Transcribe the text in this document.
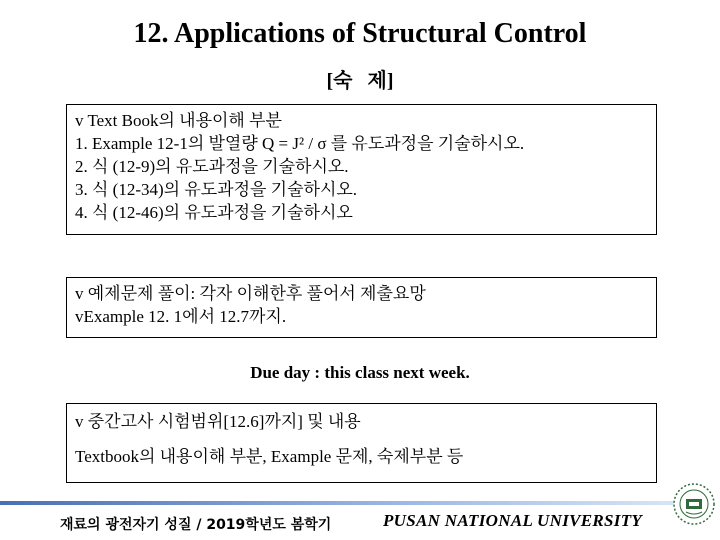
12. Applications of Structural Control
[숙   제]
v Text Book의 내용이해 부분
1. Example 12-1의 발열량 Q = J² / σ 를 유도과정을 기술하시오.
2. 식 (12-9)의 유도과정을 기술하시오.
3. 식 (12-34)의 유도과정을 기술하시오.
4. 식 (12-46)의 유도과정을 기술하시오
v 예제문제 풀이: 각자 이해한후 풀어서 제출요망
vExample 12. 1에서 12.7까지.
Due day : this class next week.
v 중간고사 시험범위[12.6]까지] 및 내용
Textbook의 내용이해 부분, Example 문제, 숙제부분 등
재료의 광전자기 성질 / 2019학년도 봄학기	PUSAN NATIONAL UNIVERSITY
